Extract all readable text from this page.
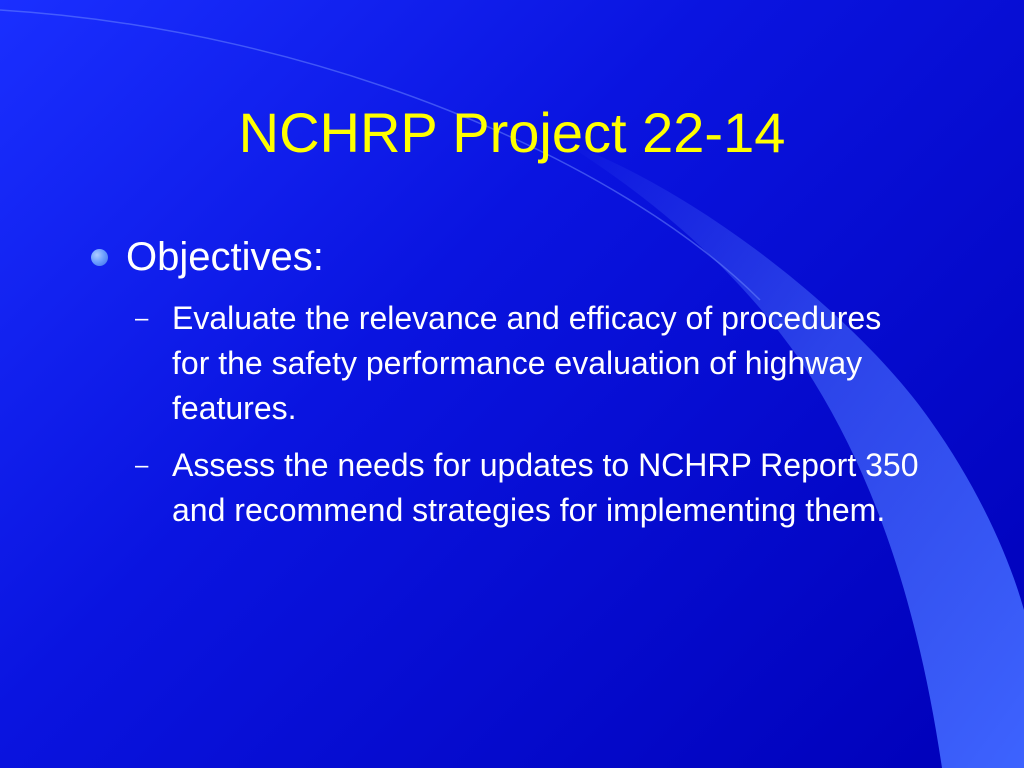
NCHRP Project 22-14
Objectives:
– Evaluate the relevance and efficacy of procedures for the safety performance evaluation of highway features.
– Assess the needs for updates to NCHRP Report 350 and recommend strategies for implementing them.
